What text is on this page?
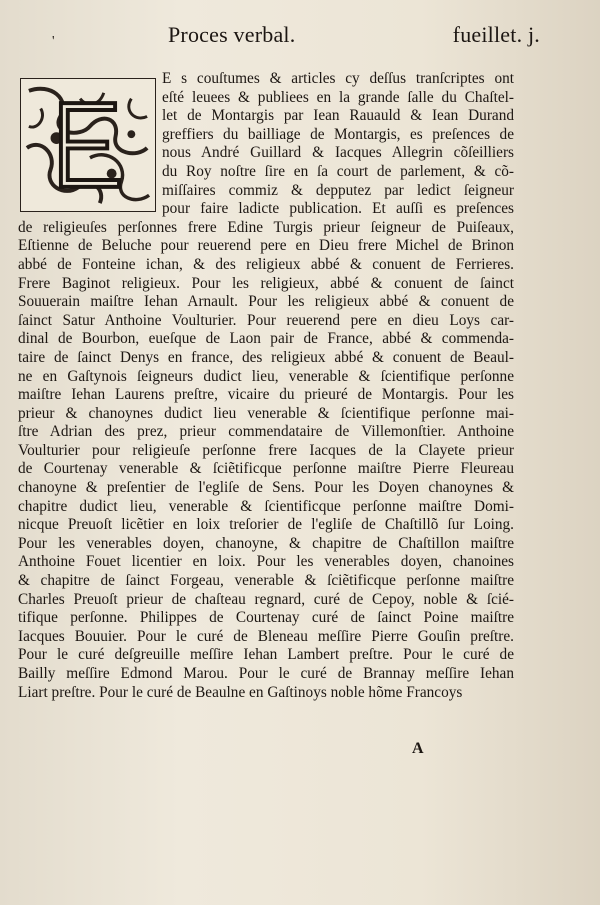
'	Proces verbal.	fueillet. j.
E s couſtumes & articles cy deſſus tranſcriptes ont
eſté leuees & publiees en la grande ſalle du Chaſtel-
let de Montargis par Iean Rauauld & Iean Durand
greffiers du bailliage de Montargis, es preſences de
nous André Guillard & Iacques Allegrin cõſeilliers
du Roy noſtre ſire en ſa court de parlement, & cõ-
miſſaires commiz & depputez par ledict ſeigneur
pour faire ladicte publication. Et auſſi es preſences
de religieuſes perſonnes frere Edine Turgis prieur ſeigneur de Puiſeaux,
Eſtienne de Beluche pour reuerend pere en Dieu frere Michel de Brinon
abbé de Fonteine ichan, & des religieux abbé & conuent de Ferrieres.
Frere Baginot religieux. Pour les religieux, abbé & conuent de ſainct
Souuerain maiſtre Iehan Arnault. Pour les religieux abbé & conuent de
ſainct Satur Anthoine Voulturier. Pour reuerend pere en dieu Loys car-
dinal de Bourbon, eueſque de Laon pair de France, abbé & commenda-
taire de ſainct Denys en france, des religieux abbé & conuent de Beaul-
ne en Gaſtynois ſeigneurs dudict lieu, venerable & ſcientifique perſonne
maiſtre Iehan Laurens preſtre, vicaire du prieuré de Montargis. Pour les
prieur & chanoynes dudict lieu venerable & ſcientifique perſonne mai-
ſtre Adrian des prez, prieur commendataire de Villemonſtier. Anthoine
Voulturier pour religieuſe perſonne frere Iacques de la Clayete prieur
de Courtenay venerable & ſciẽtificque perſonne maiſtre Pierre Fleureau
chanoyne & preſentier de l'egliſe de Sens. Pour les Doyen chanoynes &
chapitre dudict lieu, venerable & ſcientificque perſonne maiſtre Domi-
nicque Preuoſt licẽtier en loix treſorier de l'egliſe de Chaſtillõ ſur Loing.
Pour les venerables doyen, chanoyne, & chapitre de Chaſtillon maiſtre
Anthoine Fouet licentier en loix. Pour les venerables doyen, chanoines
& chapitre de ſainct Forgeau, venerable & ſciẽtificque perſonne maiſtre
Charles Preuoſt prieur de chaſteau regnard, curé de Cepoy, noble & ſcié-
tifique perſonne. Philippes de Courtenay curé de ſainct Poine maiſtre
Iacques Bouuier. Pour le curé de Bleneau meſſire Pierre Gouſin preſtre.
Pour le curé deſgreuille meſſire Iehan Lambert preſtre. Pour le curé de
Bailly meſſire Edmond Marou. Pour le curé de Brannay meſſire Iehan
Liart preſtre. Pour le curé de Beaulne en Gaſtinoys noble hõme Francoys
A
